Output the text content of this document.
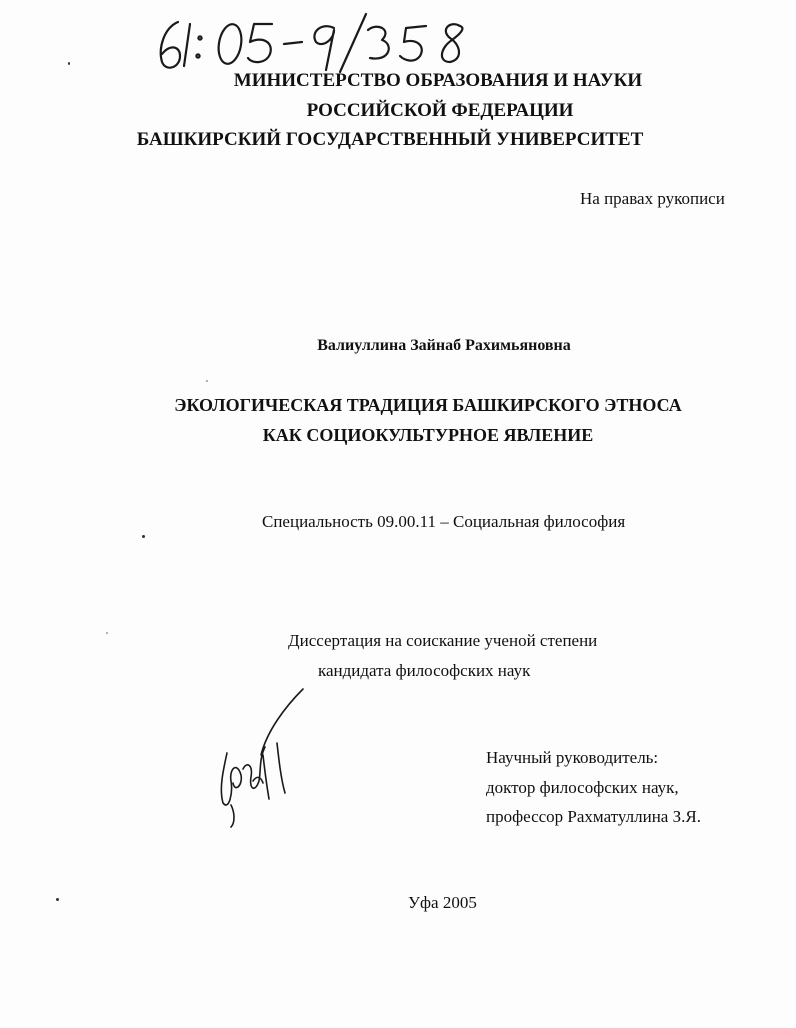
МИНИСТЕРСТВО ОБРАЗОВАНИЯ И НАУКИ
РОССИЙСКОЙ ФЕДЕРАЦИИ
БАШКИРСКИЙ ГОСУДАРСТВЕННЫЙ УНИВЕРСИТЕТ
На правах рукописи
Валиуллина Зайнаб Рахимьяновна
ЭКОЛОГИЧЕСКАЯ ТРАДИЦИЯ БАШКИРСКОГО ЭТНОСА
КАК СОЦИОКУЛЬТУРНОЕ ЯВЛЕНИЕ
Специальность 09.00.11 – Социальная философия
Диссертация на соискание ученой степени
кандидата философских наук
Научный руководитель:
доктор философских наук,
профессор Рахматуллина З.Я.
Уфа 2005
